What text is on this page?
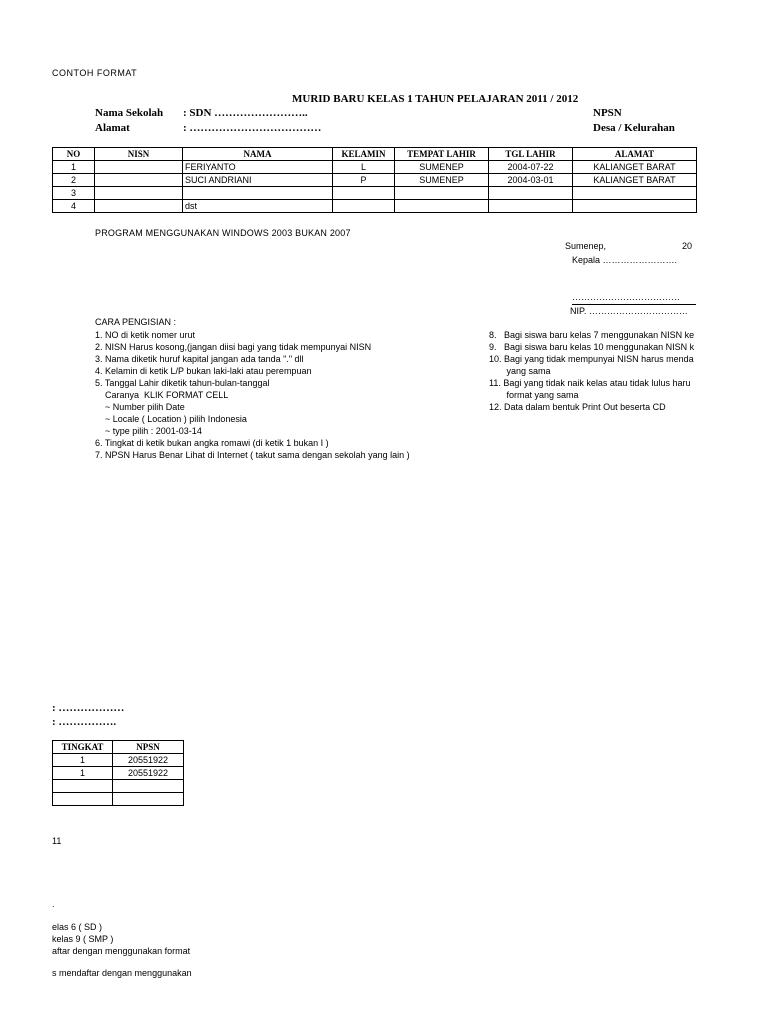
CONTOH FORMAT
MURID BARU KELAS 1 TAHUN PELAJARAN 2011 / 2012
Nama Sekolah : SDN ……………………..
Alamat	: ………………………………
NPSN
Desa / Kelurahan
NO	NISN	NAMA	KELAMIN	TEMPAT LAHIR	TGL LAHIR	ALAMAT
1		FERIYANTO	L	SUMENEP	2004-07-22	KALIANGET BARAT
2		SUCI ANDRIANI	P	SUMENEP	2004-03-01	KALIANGET BARAT
3						
4		dst				
PROGRAM MENGGUNAKAN WINDOWS 2003 BUKAN 2007
Sumenep,	20
Kepala …………………….
………………………………
NIP. ……………………………
CARA PENGISIAN :
1. NO di ketik nomer urut
2. NISN Harus kosong,(jangan diisi bagi yang tidak mempunyai NISN
3. Nama diketik huruf kapital jangan ada tanda "." dll
4. Kelamin di ketik L/P bukan laki-laki atau perempuan
5. Tanggal Lahir diketik tahun-bulan-tanggal
Caranya  KLIK FORMAT CELL
~ Number pilih Date
~ Locale ( Location ) pilih Indonesia
~ type pilih : 2001-03-14
6. Tingkat di ketik bukan angka romawi (di ketik 1 bukan I )
7. NPSN Harus Benar Lihat di Internet ( takut sama dengan sekolah yang lain )
8.   Bagi siswa baru kelas 7 menggunakan NISN ke
9.   Bagi siswa baru kelas 10 menggunakan NISN k
10. Bagi yang tidak mempunyai NISN harus menda
yang sama
11. Bagi yang tidak naik kelas atau tidak lulus haru
format yang sama
12. Data dalam bentuk Print Out beserta CD
: ………………
: …………….
TINGKAT	NPSN
1	20551922
1	20551922

11
.
elas 6 ( SD )
kelas 9 ( SMP )
aftar dengan menggunakan format
s mendaftar dengan menggunakan
